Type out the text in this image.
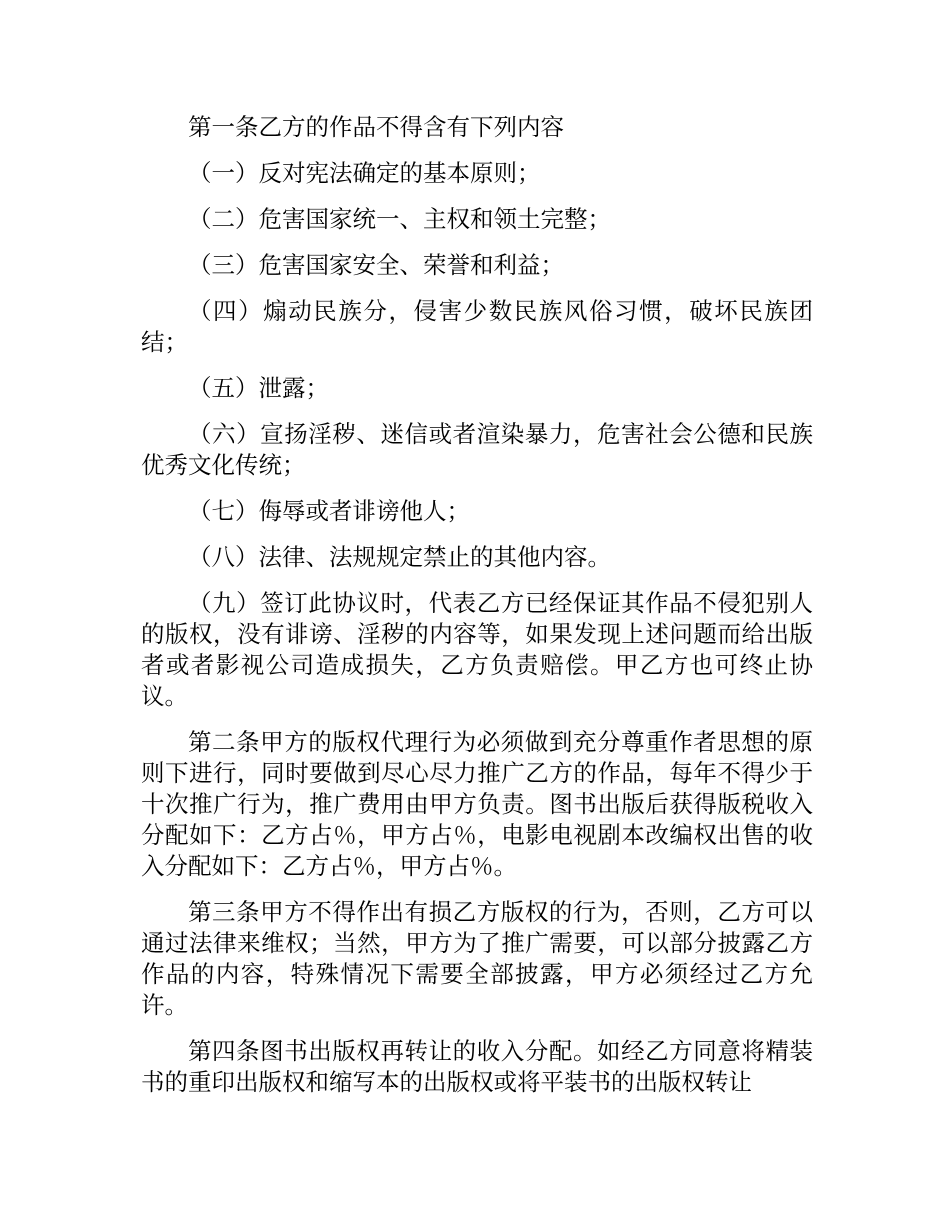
第一条乙方的作品不得含有下列内容

（一）反对宪法确定的基本原则；

（二）危害国家统一、主权和领土完整；

（三）危害国家安全、荣誉和利益；

（四）煽动民族分，侵害少数民族风俗习惯，破坏民族团结；

（五）泄露；

（六）宣扬淫秽、迷信或者渲染暴力，危害社会公德和民族优秀文化传统；

（七）侮辱或者诽谤他人；

（八）法律、法规规定禁止的其他内容。

（九）签订此协议时，代表乙方已经保证其作品不侵犯别人的版权，没有诽谤、淫秽的内容等，如果发现上述问题而给出版者或者影视公司造成损失，乙方负责赔偿。甲乙方也可终止协议。

第二条甲方的版权代理行为必须做到充分尊重作者思想的原则下进行，同时要做到尽心尽力推广乙方的作品，每年不得少于十次推广行为，推广费用由甲方负责。图书出版后获得版税收入分配如下：乙方占％，甲方占％，电影电视剧本改编权出售的收入分配如下：乙方占％，甲方占％。

第三条甲方不得作出有损乙方版权的行为，否则，乙方可以通过法律来维权；当然，甲方为了推广需要，可以部分披露乙方作品的内容，特殊情况下需要全部披露，甲方必须经过乙方允许。

第四条图书出版权再转让的收入分配。如经乙方同意将精装书的重印出版权和缩写本的出版权或将平装书的出版权转让
